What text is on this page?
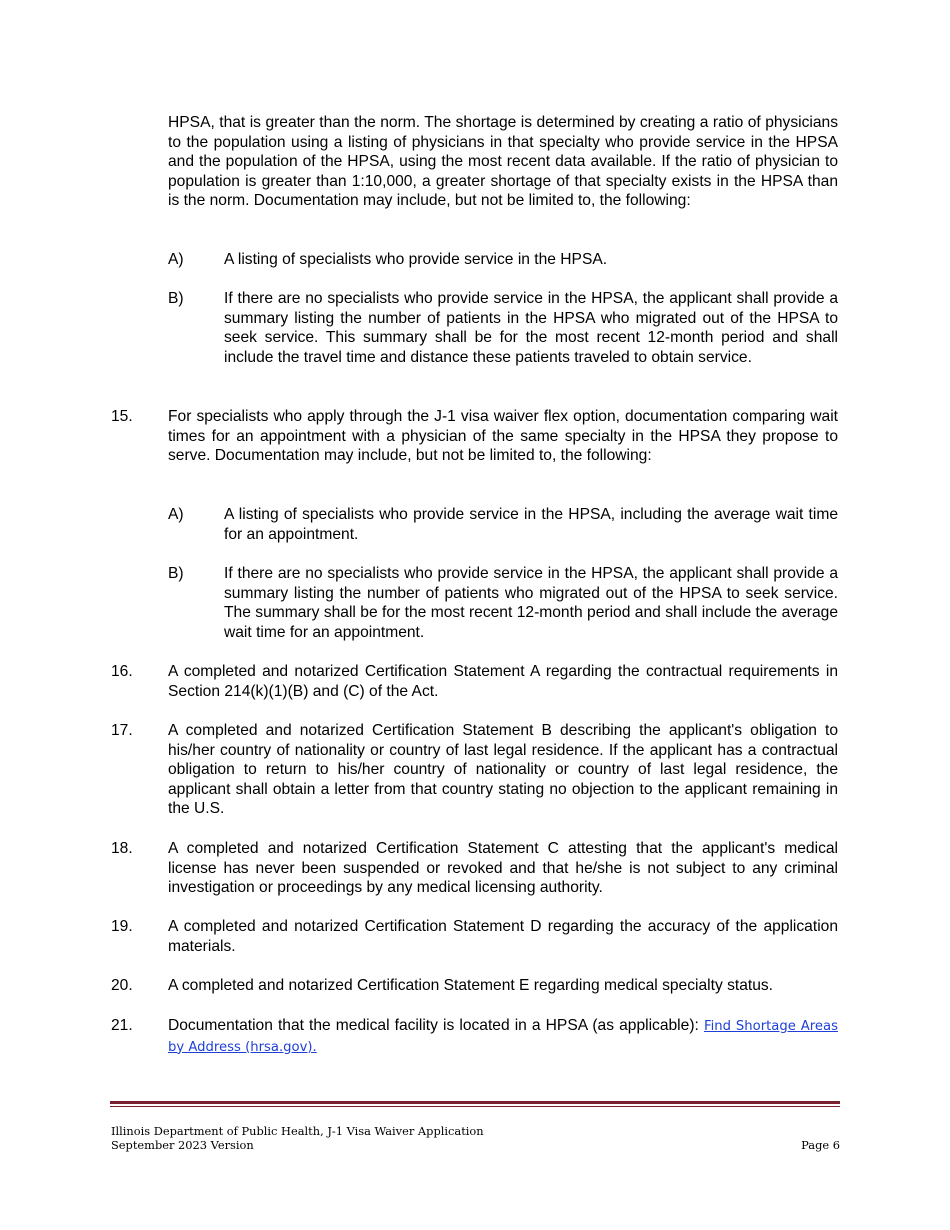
HPSA, that is greater than the norm. The shortage is determined by creating a ratio of physicians to the population using a listing of physicians in that specialty who provide service in the HPSA and the population of the HPSA, using the most recent data available. If the ratio of physician to population is greater than 1:10,000, a greater shortage of that specialty exists in the HPSA than is the norm. Documentation may include, but not be limited to, the following:

A)	A listing of specialists who provide service in the HPSA.
B)	If there are no specialists who provide service in the HPSA, the applicant shall provide a summary listing the number of patients in the HPSA who migrated out of the HPSA to seek service. This summary shall be for the most recent 12-month period and shall include the travel time and distance these patients traveled to obtain service.
15.	For specialists who apply through the J-1 visa waiver flex option, documentation comparing wait times for an appointment with a physician of the same specialty in the HPSA they propose to serve. Documentation may include, but not be limited to, the following:
A)	A listing of specialists who provide service in the HPSA, including the average wait time for an appointment.
B)	If there are no specialists who provide service in the HPSA, the applicant shall provide a summary listing the number of patients who migrated out of the HPSA to seek service. The summary shall be for the most recent 12-month period and shall include the average wait time for an appointment.
16.	A completed and notarized Certification Statement A regarding the contractual requirements in Section 214(k)(1)(B) and (C) of the Act.
17.	A completed and notarized Certification Statement B describing the applicant's obligation to his/her country of nationality or country of last legal residence. If the applicant has a contractual obligation to return to his/her country of nationality or country of last legal residence, the applicant shall obtain a letter from that country stating no objection to the applicant remaining in the U.S.
18.	A completed and notarized Certification Statement C attesting that the applicant's medical license has never been suspended or revoked and that he/she is not subject to any criminal investigation or proceedings by any medical licensing authority.
19.	A completed and notarized Certification Statement D regarding the accuracy of the application materials.
20.	A completed and notarized Certification Statement E regarding medical specialty status.
21.	Documentation that the medical facility is located in a HPSA (as applicable): Find Shortage Areas by Address (hrsa.gov).
Illinois Department of Public Health, J-1 Visa Waiver Application
September 2023 Version	Page 6
